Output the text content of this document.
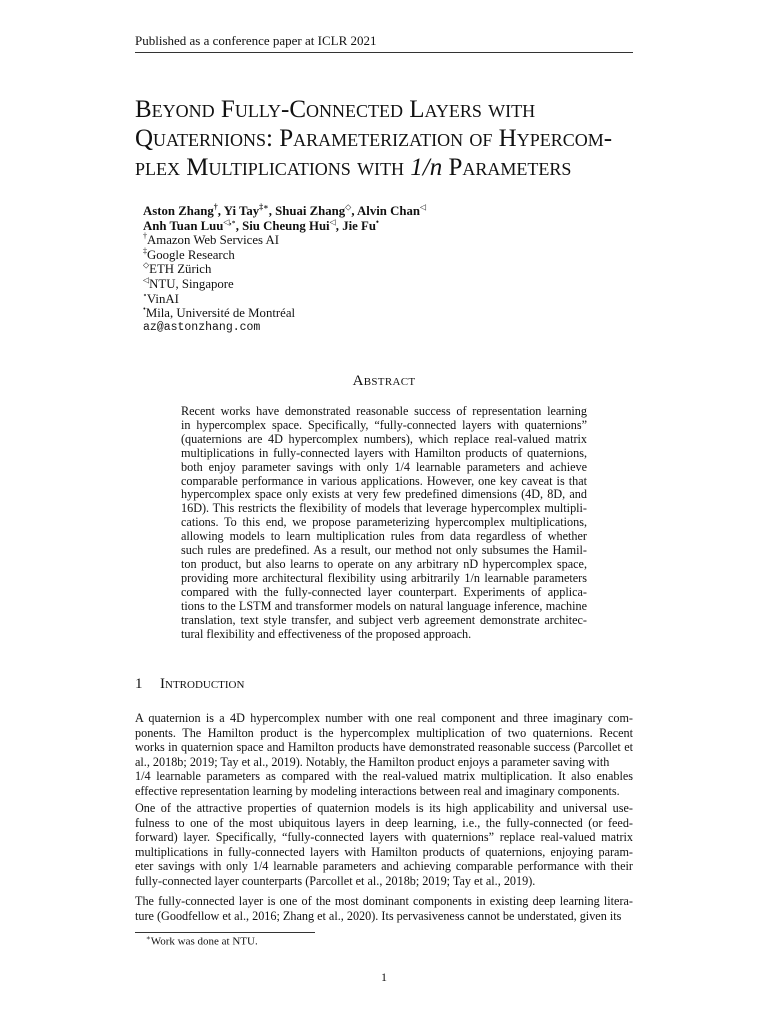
Published as a conference paper at ICLR 2021
Beyond Fully-Connected Layers with
Quaternions: Parameterization of Hypercom-
plex Multiplications with 1/n Parameters
Aston Zhang†, Yi Tay‡∗, Shuai Zhang◇, Alvin Chan◁
Anh Tuan Luu◁,∘, Siu Cheung Hui◁, Jie Fu•
†Amazon Web Services AI
‡Google Research
◇ETH Zürich
◁NTU, Singapore
∘VinAI
•Mila, Université de Montréal
az@astonzhang.com
Abstract
Recent works have demonstrated reasonable success of representation learning
in hypercomplex space. Specifically, “fully-connected layers with quaternions”
(quaternions are 4D hypercomplex numbers), which replace real-valued matrix
multiplications in fully-connected layers with Hamilton products of quaternions,
both enjoy parameter savings with only 1/4 learnable parameters and achieve
comparable performance in various applications. However, one key caveat is that
hypercomplex space only exists at very few predefined dimensions (4D, 8D, and
16D). This restricts the flexibility of models that leverage hypercomplex multipli-
cations. To this end, we propose parameterizing hypercomplex multiplications,
allowing models to learn multiplication rules from data regardless of whether
such rules are predefined. As a result, our method not only subsumes the Hamil-
ton product, but also learns to operate on any arbitrary nD hypercomplex space,
providing more architectural flexibility using arbitrarily 1/n learnable parameters
compared with the fully-connected layer counterpart. Experiments of applica-
tions to the LSTM and transformer models on natural language inference, machine
translation, text style transfer, and subject verb agreement demonstrate architec-
tural flexibility and effectiveness of the proposed approach.
1 Introduction
A quaternion is a 4D hypercomplex number with one real component and three imaginary com-
ponents. The Hamilton product is the hypercomplex multiplication of two quaternions. Recent
works in quaternion space and Hamilton products have demonstrated reasonable success (Parcollet et al., 2018b; 2019; Tay et al., 2019). Notably, the Hamilton product enjoys a parameter saving with
1/4 learnable parameters as compared with the real-valued matrix multiplication. It also enables
effective representation learning by modeling interactions between real and imaginary components.
One of the attractive properties of quaternion models is its high applicability and universal use-
fulness to one of the most ubiquitous layers in deep learning, i.e., the fully-connected (or feed-
forward) layer. Specifically, “fully-connected layers with quaternions” replace real-valued matrix
multiplications in fully-connected layers with Hamilton products of quaternions, enjoying param-
eter savings with only 1/4 learnable parameters and achieving comparable performance with their
fully-connected layer counterparts (Parcollet et al., 2018b; 2019; Tay et al., 2019).
The fully-connected layer is one of the most dominant components in existing deep learning litera-
ture (Goodfellow et al., 2016; Zhang et al., 2020). Its pervasiveness cannot be understated, given its
∗Work was done at NTU.
1
